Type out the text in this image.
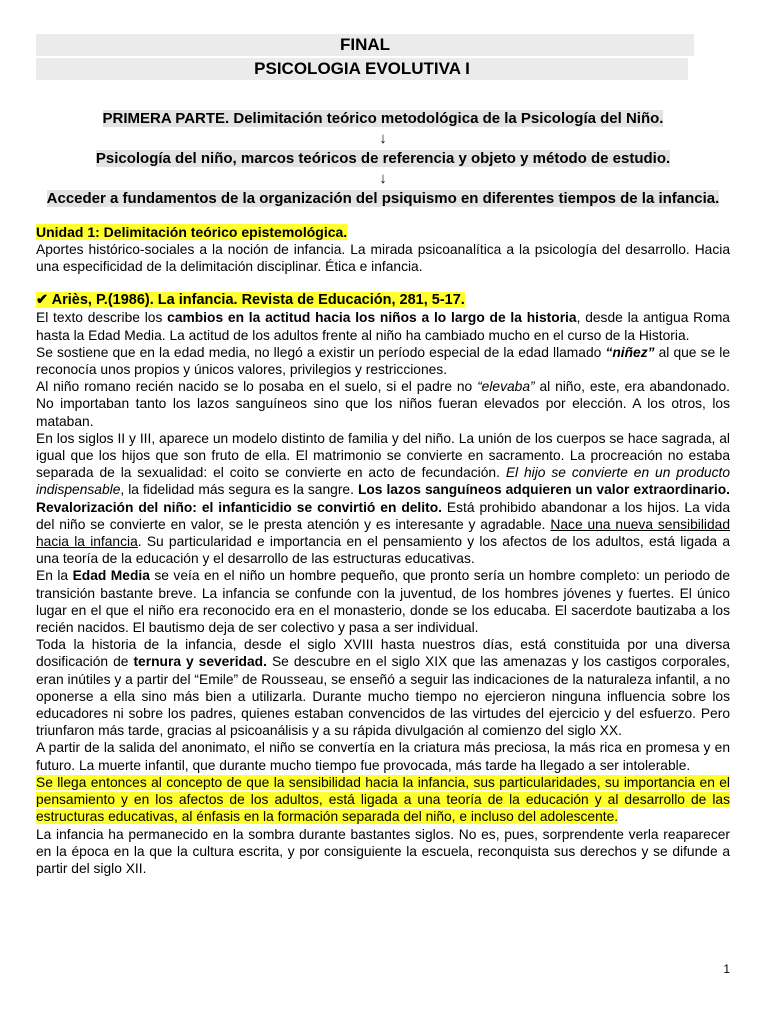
FINAL
PSICOLOGIA EVOLUTIVA I
PRIMERA PARTE. Delimitación teórico metodológica de la Psicología del Niño.
↓
Psicología del niño, marcos teóricos de referencia y objeto y método de estudio.
↓
Acceder a fundamentos de la organización del psiquismo en diferentes tiempos de la infancia.
Unidad 1: Delimitación teórico epistemológica.

Aportes histórico-sociales a la noción de infancia. La mirada psicoanalítica a la psicología del desarrollo. Hacia una especificidad de la delimitación disciplinar. Ética e infancia.

✔ Ariès, P.(1986). La infancia. Revista de Educación, 281, 5-17.

El texto describe los cambios en la actitud hacia los niños a lo largo de la historia, desde la antigua Roma hasta la Edad Media. La actitud de los adultos frente al niño ha cambiado mucho en el curso de la Historia.

Se sostiene que en la edad media, no llegó a existir un período especial de la edad llamado “niñez” al que se le reconocía unos propios y únicos valores, privilegios y restricciones.

Al niño romano recién nacido se lo posaba en el suelo, si el padre no “elevaba” al niño, este, era abandonado. No importaban tanto los lazos sanguíneos sino que los niños fueran elevados por elección. A los otros, los mataban.

En los siglos II y III, aparece un modelo distinto de familia y del niño. La unión de los cuerpos se hace sagrada, al igual que los hijos que son fruto de ella. El matrimonio se convierte en sacramento. La procreación no estaba separada de la sexualidad: el coito se convierte en acto de fecundación. El hijo se convierte en un producto indispensable, la fidelidad más segura es la sangre. Los lazos sanguíneos adquieren un valor extraordinario. Revalorización del niño: el infanticidio se convirtió en delito. Está prohibido abandonar a los hijos. La vida del niño se convierte en valor, se le presta atención y es interesante y agradable. Nace una nueva sensibilidad hacia la infancia. Su particularidad e importancia en el pensamiento y los afectos de los adultos, está ligada a una teoría de la educación y el desarrollo de las estructuras educativas.

En la Edad Media se veía en el niño un hombre pequeño, que pronto sería un hombre completo: un periodo de transición bastante breve. La infancia se confunde con la juventud, de los hombres jóvenes y fuertes. El único lugar en el que el niño era reconocido era en el monasterio, donde se los educaba. El sacerdote bautizaba a los recién nacidos. El bautismo deja de ser colectivo y pasa a ser individual.

Toda la historia de la infancia, desde el siglo XVIII hasta nuestros días, está constituida por una diversa dosificación de ternura y severidad. Se descubre en el siglo XIX que las amenazas y los castigos corporales, eran inútiles y a partir del “Emile” de Rousseau, se enseñó a seguir las indicaciones de la naturaleza infantil, a no oponerse a ella sino más bien a utilizarla. Durante mucho tiempo no ejercieron ninguna influencia sobre los educadores ni sobre los padres, quienes estaban convencidos de las virtudes del ejercicio y del esfuerzo. Pero triunfaron más tarde, gracias al psicoanálisis y a su rápida divulgación al comienzo del siglo XX.

A partir de la salida del anonimato, el niño se convertía en la criatura más preciosa, la más rica en promesa y en futuro. La muerte infantil, que durante mucho tiempo fue provocada, más tarde ha llegado a ser intolerable.

Se llega entonces al concepto de que la sensibilidad hacia la infancia, sus particularidades, su importancia en el pensamiento y en los afectos de los adultos, está ligada a una teoría de la educación y al desarrollo de las estructuras educativas, al énfasis en la formación separada del niño, e incluso del adolescente.

La infancia ha permanecido en la sombra durante bastantes siglos. No es, pues, sorprendente verla reaparecer en la época en la que la cultura escrita, y por consiguiente la escuela, reconquista sus derechos y se difunde a partir del siglo XII.

1
